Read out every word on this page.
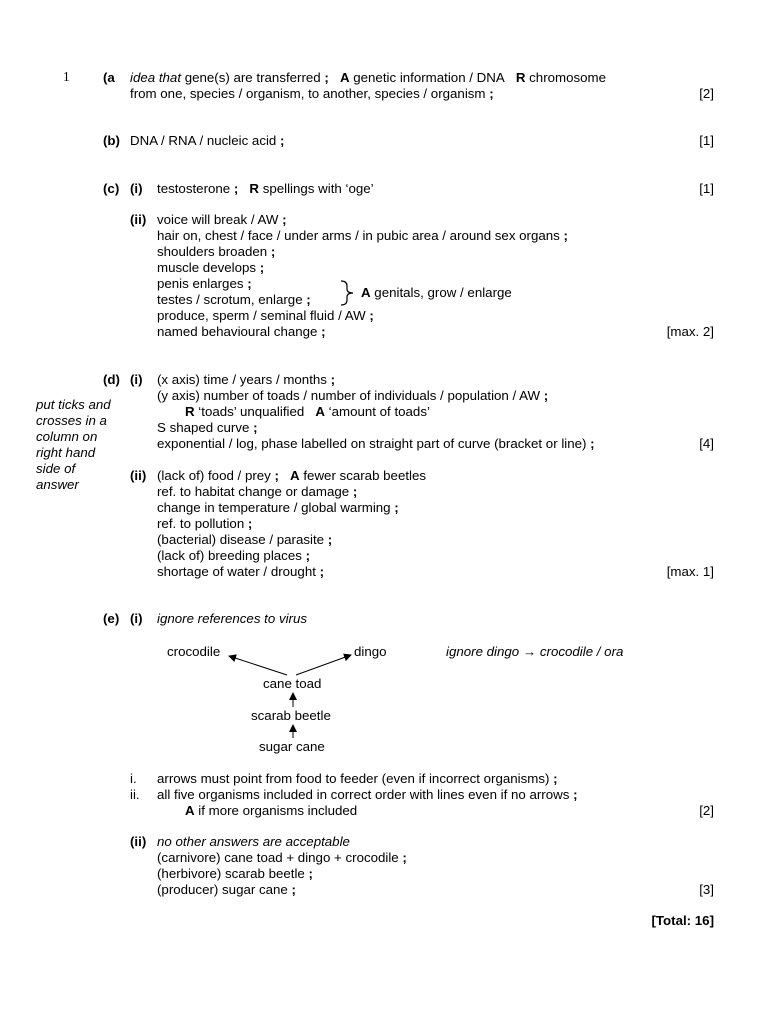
1	(a idea that gene(s) are transferred ; A genetic information / DNA R chromosome
from one, species / organism, to another, species / organism ;	[2]
(b) DNA / RNA / nucleic acid ;	[1]
(c) (i) testosterone ; R spellings with ‘oge’	[1]
(ii) voice will break / AW ;
hair on, chest / face / under arms / in pubic area / around sex organs ;
shoulders broaden ;
muscle develops ;
penis enlarges ;
testes / scrotum, enlarge ;
produce, sperm / seminal fluid / AW ;
named behavioural change ;
A genitals, grow / enlarge
[max. 2]
put ticks and
crosses in a
column on
right hand
side of
answer
(d) (i) (x axis) time / years / months ;
(y axis) number of toads / number of individuals / population / AW ;
R ‘toads’ unqualified A ‘amount of toads’
S shaped curve ;
exponential / log, phase labelled on straight part of curve (bracket or line) ;	[4]
(ii) (lack of) food / prey ; A fewer scarab beetles
ref. to habitat change or damage ;
change in temperature / global warming ;
ref. to pollution ;
(bacterial) disease / parasite ;
(lack of) breeding places ;
shortage of water / drought ;	[max. 1]
(e) (i) ignore references to virus
crocodile	dingo
cane toad
scarab beetle
sugar cane
ignore dingo → crocodile / ora
i. arrows must point from food to feeder (even if incorrect organisms) ;
ii. all five organisms included in correct order with lines even if no arrows ;
A if more organisms included	[2]
(ii) no other answers are acceptable
(carnivore) cane toad + dingo + crocodile ;
(herbivore) scarab beetle ;
(producer) sugar cane ;	[3]
[Total: 16]
